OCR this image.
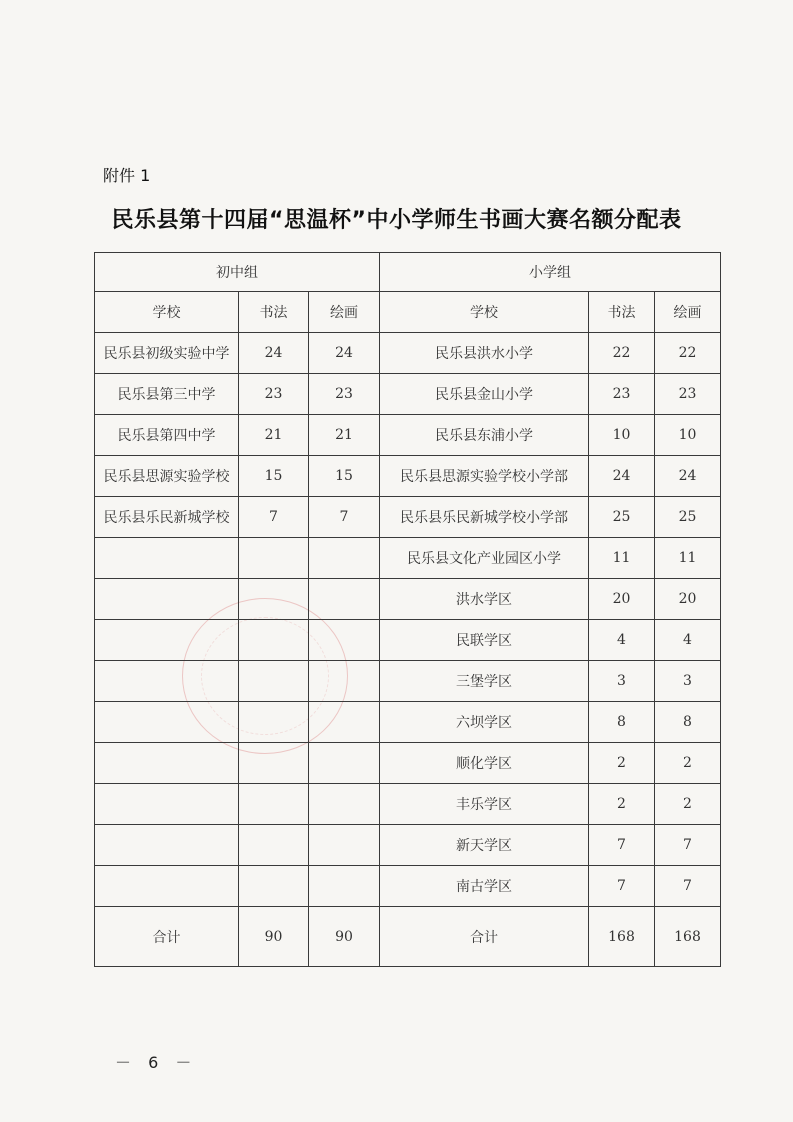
附件 1
民乐县第十四届“思温杯”中小学师生书画大赛名额分配表
初中组			小学组		
学校	书法	绘画	学校	书法	绘画
民乐县初级实验中学	24	24	民乐县洪水小学	22	22
民乐县第三中学	23	23	民乐县金山小学	23	23
民乐县第四中学	21	21	民乐县东浦小学	10	10
民乐县思源实验学校	15	15	民乐县思源实验学校小学部	24	24
民乐县乐民新城学校	7	7	民乐县乐民新城学校小学部	25	25
			民乐县文化产业园区小学	11	11
			洪水学区	20	20
			民联学区	4	4
			三堡学区	3	3
			六坝学区	8	8
			顺化学区	2	2
			丰乐学区	2	2
			新天学区	7	7
			南古学区	7	7
合计	90	90	合计	168	168
－ 6 －
